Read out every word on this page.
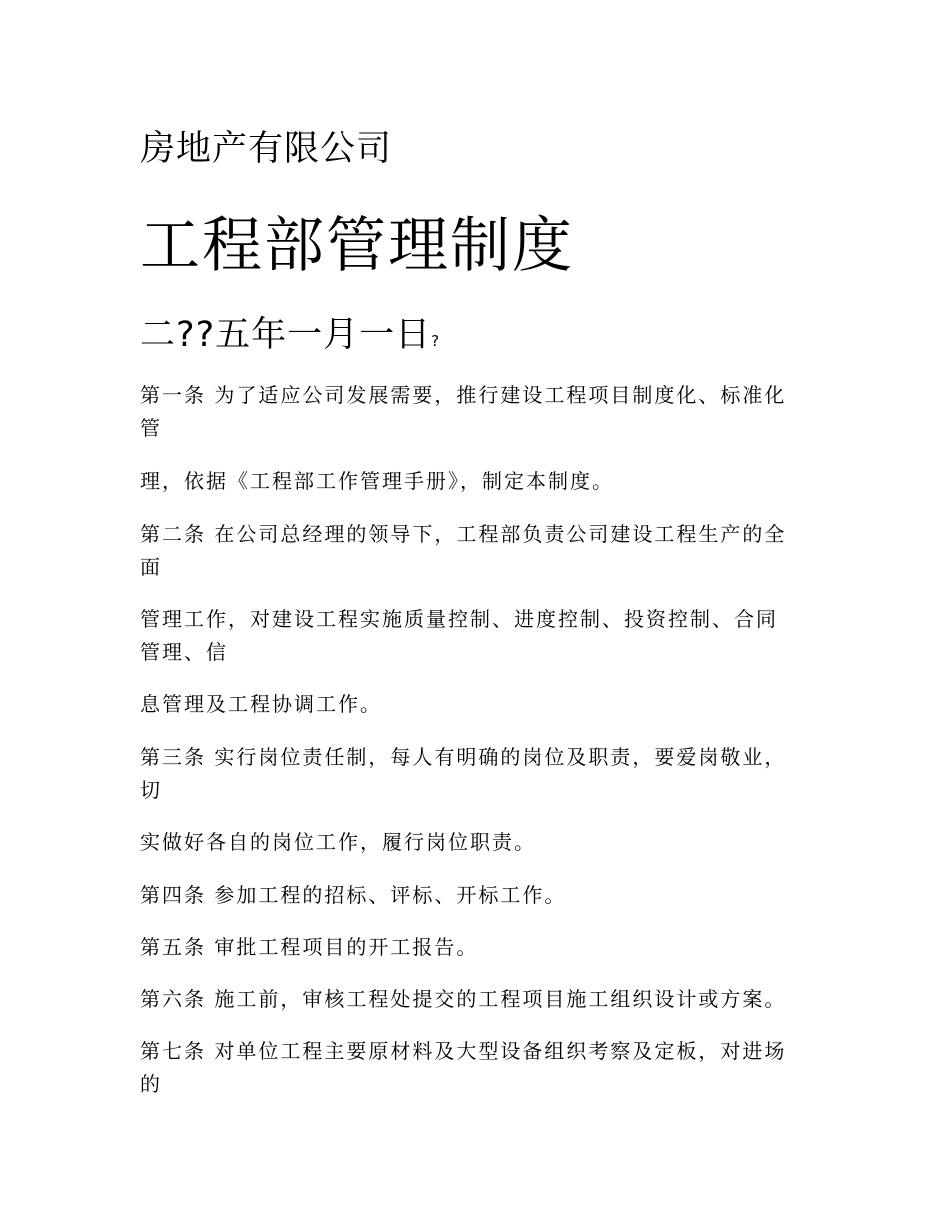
房地产有限公司
工程部管理制度
二??五年一月一日?
第一条 为了适应公司发展需要，推行建设工程项目制度化、标准化
管
理，依据《工程部工作管理手册》，制定本制度。
第二条 在公司总经理的领导下，工程部负责公司建设工程生产的全
面
管理工作，对建设工程实施质量控制、进度控制、投资控制、合同
管理、信
息管理及工程协调工作。
第三条 实行岗位责任制，每人有明确的岗位及职责，要爱岗敬业，
切
实做好各自的岗位工作，履行岗位职责。
第四条 参加工程的招标、评标、开标工作。
第五条 审批工程项目的开工报告。
第六条 施工前，审核工程处提交的工程项目施工组织设计或方案。
第七条 对单位工程主要原材料及大型设备组织考察及定板，对进场
的
